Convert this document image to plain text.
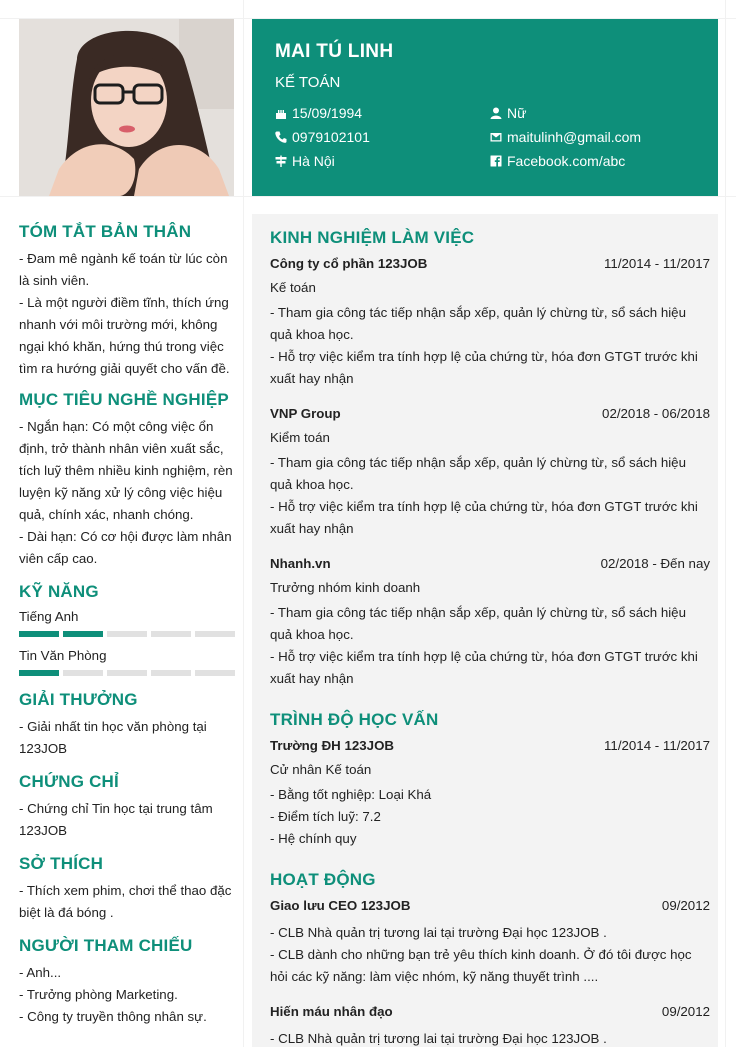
MAI TÚ LINH
KẾ TOÁN
15/09/1994	Nữ
0979102101	maitulinh@gmail.com
Hà Nội	Facebook.com/abc
TÓM TẮT BẢN THÂN
- Đam mê ngành kế toán từ lúc còn là sinh viên.
- Là một người điềm tĩnh, thích ứng nhanh với môi trường mới, không ngại khó khăn, hứng thú trong việc tìm ra hướng giải quyết cho vấn đề.
MỤC TIÊU NGHỀ NGHIỆP
- Ngắn hạn: Có một công việc ổn định, trở thành nhân viên xuất sắc, tích luỹ thêm nhiều kinh nghiệm, rèn luyện kỹ năng xử lý công việc hiệu quả, chính xác, nhanh chóng.
- Dài hạn: Có cơ hội được làm nhân viên cấp cao.
KỸ NĂNG
Tiếng Anh
Tin Văn Phòng
GIẢI THƯỞNG
- Giải nhất tin học văn phòng tại 123JOB
CHỨNG CHỈ
- Chứng chỉ Tin học tại trung tâm 123JOB
SỞ THÍCH
- Thích xem phim, chơi thể thao đặc biệt là đá bóng .
NGƯỜI THAM CHIẾU
- Anh...
- Trưởng phòng Marketing.
- Công ty truyền thông nhân sự.
KINH NGHIỆM LÀM VIỆC
Công ty cổ phần 123JOB	11/2014 - 11/2017
Kế toán
- Tham gia công tác tiếp nhận sắp xếp, quản lý chừng từ, sổ sách hiệu quả khoa học.
- Hỗ trợ việc kiểm tra tính hợp lệ của chứng từ, hóa đơn GTGT trước khi xuất hay nhận
VNP Group	02/2018 - 06/2018
Kiểm toán
- Tham gia công tác tiếp nhận sắp xếp, quản lý chừng từ, sổ sách hiệu quả khoa học.
- Hỗ trợ việc kiểm tra tính hợp lệ của chứng từ, hóa đơn GTGT trước khi xuất hay nhận
Nhanh.vn	02/2018 - Đến nay
Trưởng nhóm kinh doanh
- Tham gia công tác tiếp nhận sắp xếp, quản lý chừng từ, sổ sách hiệu quả khoa học.
- Hỗ trợ việc kiểm tra tính hợp lệ của chứng từ, hóa đơn GTGT trước khi xuất hay nhận
TRÌNH ĐỘ HỌC VẤN
Trường ĐH 123JOB	11/2014 - 11/2017
Cử nhân Kế toán
- Bằng tốt nghiệp: Loại Khá
- Điểm tích luỹ: 7.2
- Hệ chính quy
HOẠT ĐỘNG
Giao lưu CEO 123JOB	09/2012
- CLB Nhà quản trị tương lai tại trường Đại học 123JOB .
- CLB dành cho những bạn trẻ yêu thích kinh doanh. Ở đó tôi được học hỏi các kỹ năng: làm việc nhóm, kỹ năng thuyết trình ....
Hiến máu nhân đạo	09/2012
- CLB Nhà quản trị tương lai tại trường Đại học 123JOB .
